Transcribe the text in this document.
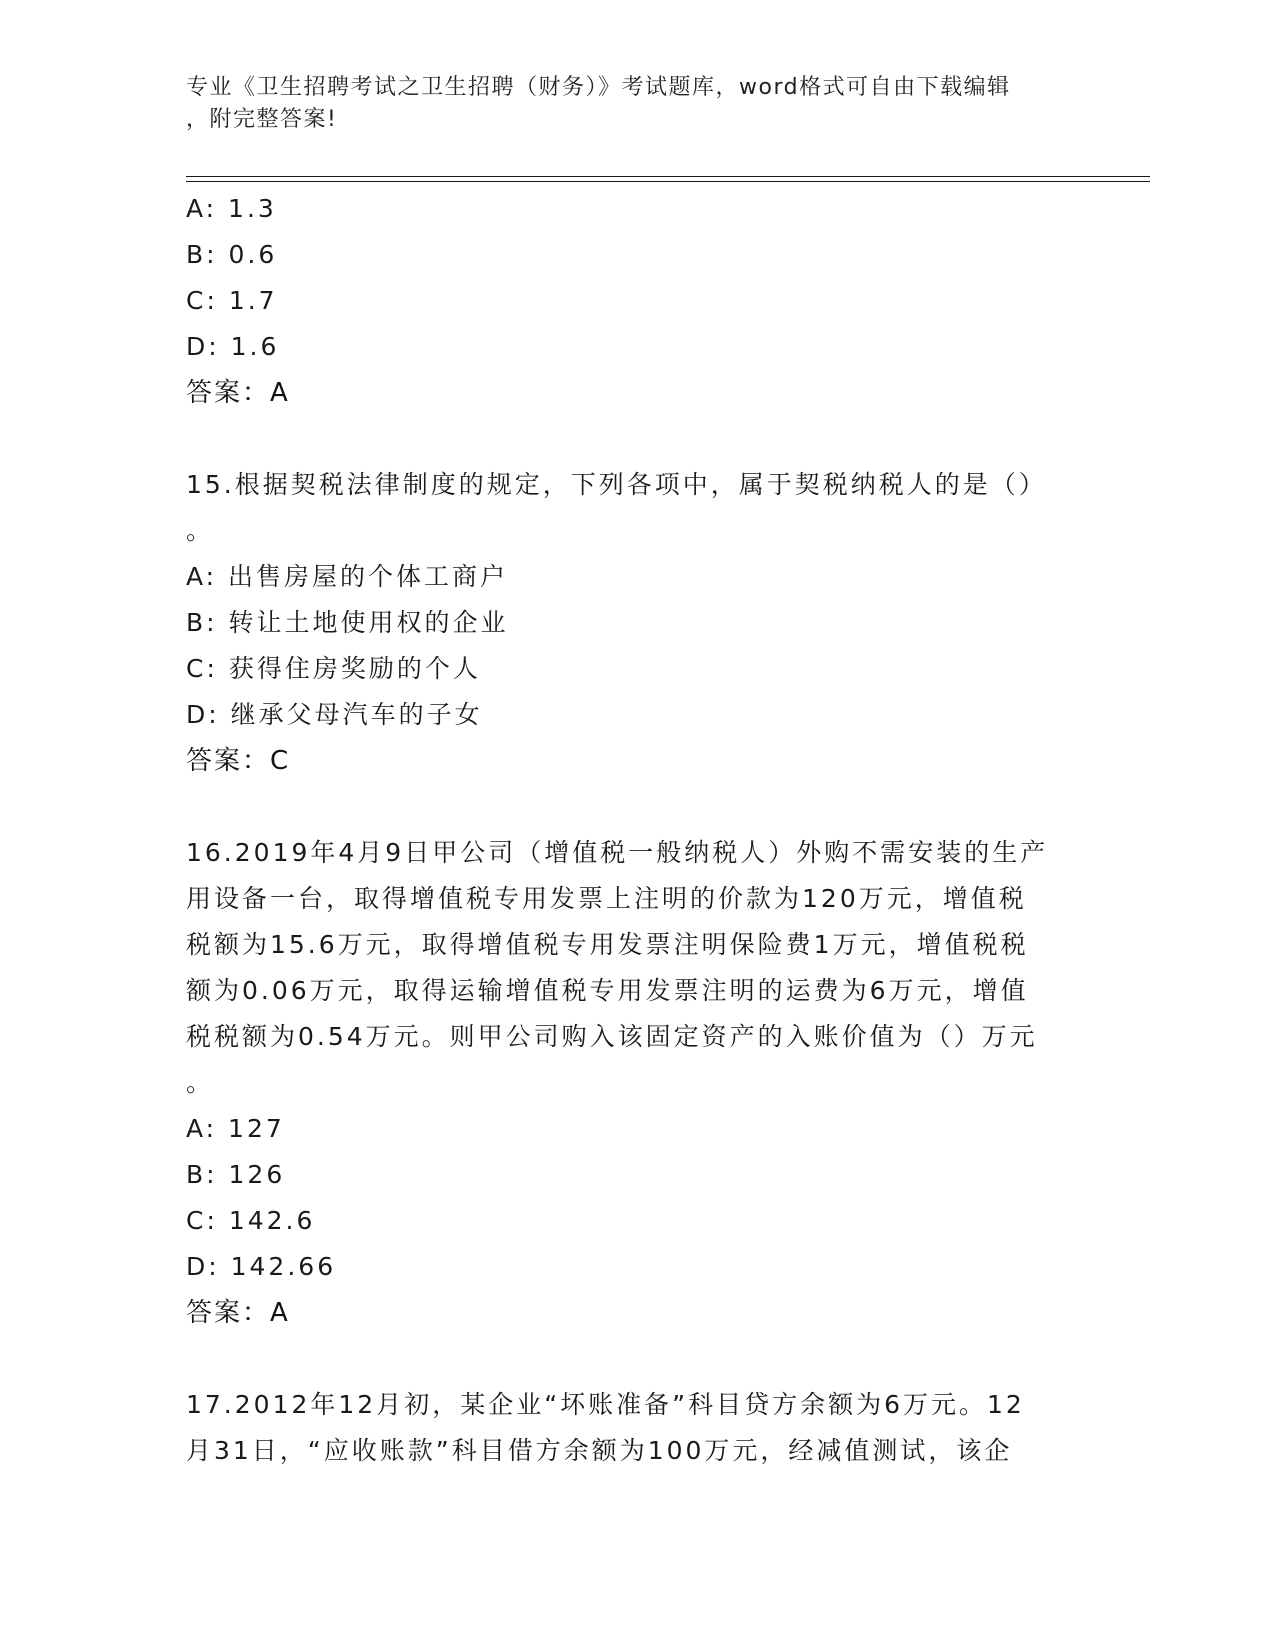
专业《卫生招聘考试之卫生招聘（财务）》考试题库，word格式可自由下载编辑
，附完整答案!
A: 1.3
B: 0.6
C: 1.7
D: 1.6
答案：A
15.根据契税法律制度的规定，下列各项中，属于契税纳税人的是（）
。
A: 出售房屋的个体工商户
B: 转让土地使用权的企业
C: 获得住房奖励的个人
D: 继承父母汽车的子女
答案：C
16.2019年4月9日甲公司（增值税一般纳税人）外购不需安装的生产
用设备一台，取得增值税专用发票上注明的价款为120万元，增值税
税额为15.6万元，取得增值税专用发票注明保险费1万元，增值税税
额为0.06万元，取得运输增值税专用发票注明的运费为6万元，增值
税税额为0.54万元。则甲公司购入该固定资产的入账价值为（）万元
。
A: 127
B: 126
C: 142.6
D: 142.66
答案：A
17.2012年12月初，某企业“坏账准备”科目贷方余额为6万元。12
月31日，“应收账款”科目借方余额为100万元，经减值测试，该企
